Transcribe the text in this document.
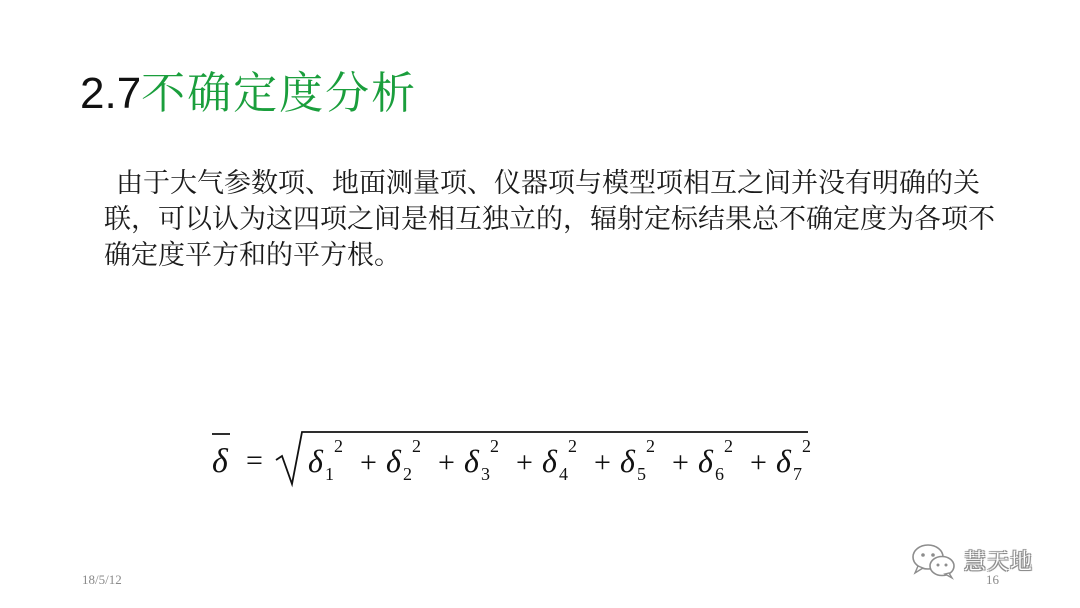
2.7不确定度分析

由于大气参数项、地面测量项、仪器项与模型项相互之间并没有明确的关联，可以认为这四项之间是相互独立的，辐射定标结果总不确定度为各项不确定度平方和的平方根。

δ = δ 1
2 + δ 2
2 + δ 3
2 + δ 4
2 + δ 5
2 + δ 6
2 + δ 7
2
18/5/12	16
慧天地
